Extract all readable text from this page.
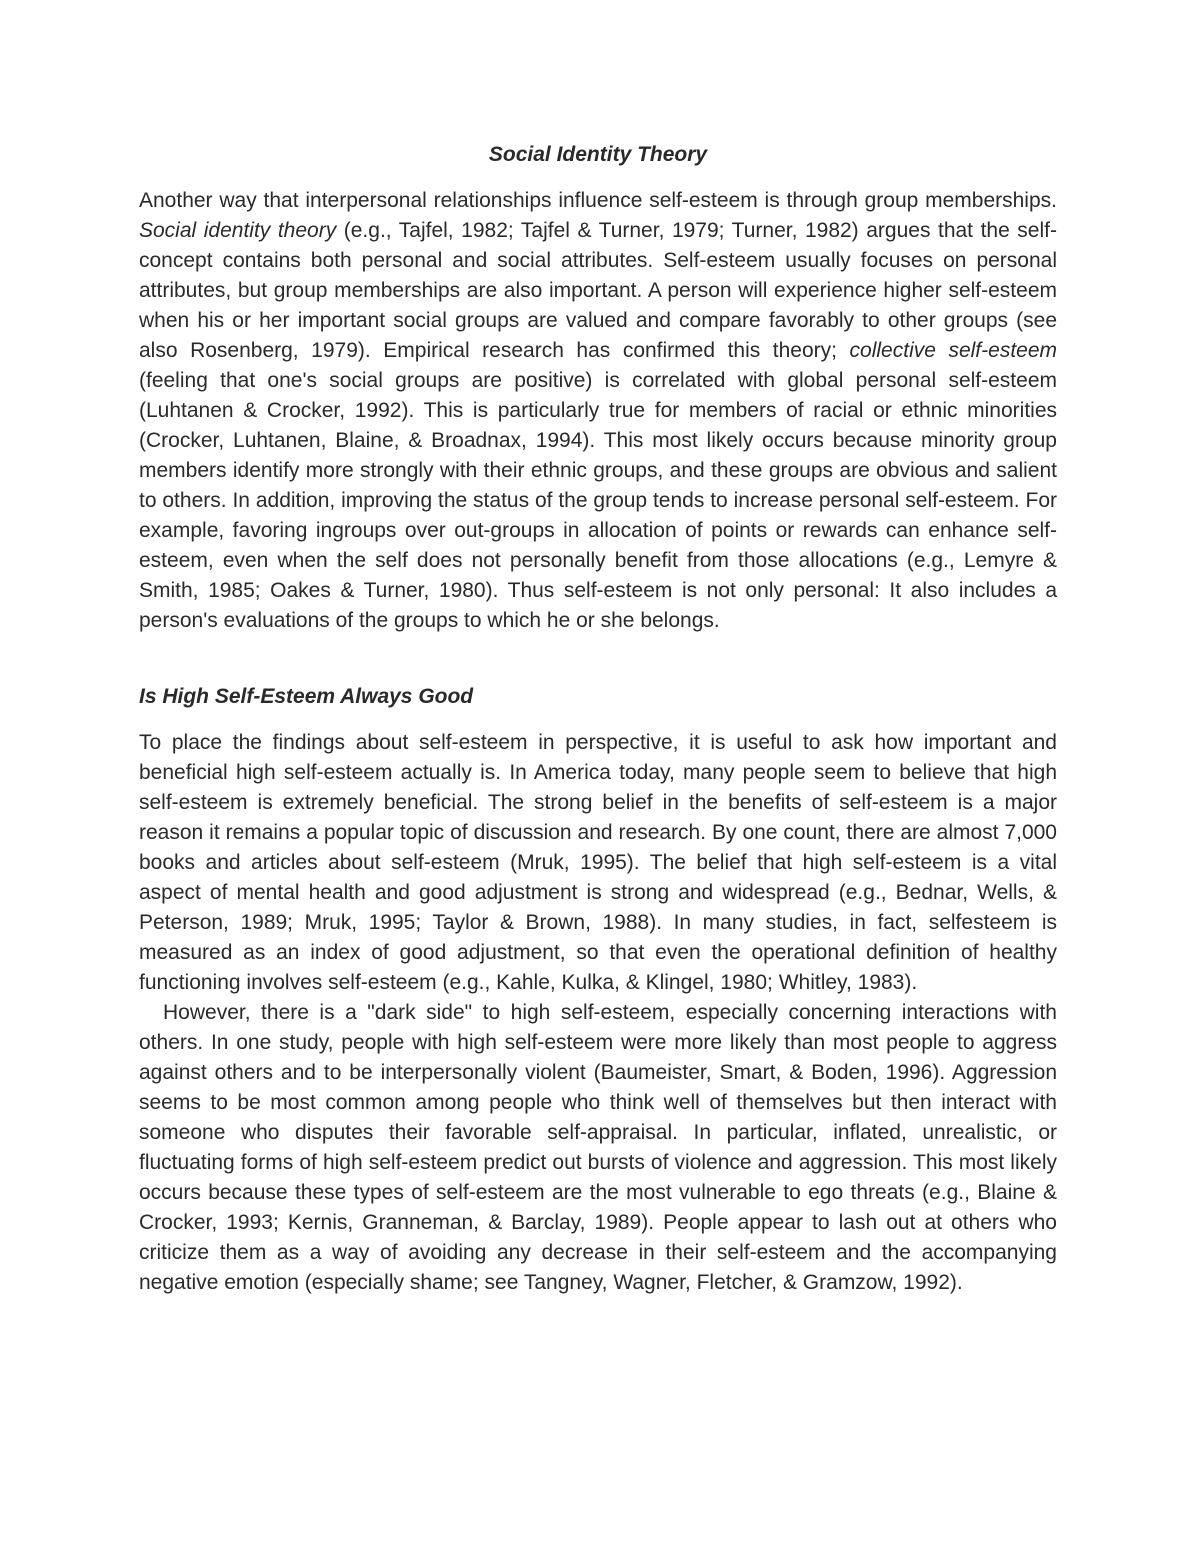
Social Identity Theory

Another way that interpersonal relationships influence self-esteem is through group memberships. Social identity theory (e.g., Tajfel, 1982; Tajfel & Turner, 1979; Turner, 1982) argues that the self-concept contains both personal and social attributes. Self-esteem usually focuses on personal attributes, but group memberships are also important. A person will experience higher self-esteem when his or her important social groups are valued and compare favorably to other groups (see also Rosenberg, 1979). Empirical research has confirmed this theory; collective self-esteem (feeling that one's social groups are positive) is correlated with global personal self-esteem (Luhtanen & Crocker, 1992). This is particularly true for members of racial or ethnic minorities (Crocker, Luhtanen, Blaine, & Broadnax, 1994). This most likely occurs because minority group members identify more strongly with their ethnic groups, and these groups are obvious and salient to others. In addition, improving the status of the group tends to increase personal self-esteem. For example, favoring ingroups over out-groups in allocation of points or rewards can enhance self-esteem, even when the self does not personally benefit from those allocations (e.g., Lemyre & Smith, 1985; Oakes & Turner, 1980). Thus self-esteem is not only personal: It also includes a person's evaluations of the groups to which he or she belongs.

Is High Self-Esteem Always Good

To place the findings about self-esteem in perspective, it is useful to ask how important and beneficial high self-esteem actually is. In America today, many people seem to believe that high self-esteem is extremely beneficial. The strong belief in the benefits of self-esteem is a major reason it remains a popular topic of discussion and research. By one count, there are almost 7,000 books and articles about self-esteem (Mruk, 1995). The belief that high self-esteem is a vital aspect of mental health and good adjustment is strong and widespread (e.g., Bednar, Wells, & Peterson, 1989; Mruk, 1995; Taylor & Brown, 1988). In many studies, in fact, selfesteem is measured as an index of good adjustment, so that even the operational definition of healthy functioning involves self-esteem (e.g., Kahle, Kulka, & Klingel, 1980; Whitley, 1983).

However, there is a "dark side" to high self-esteem, especially concerning interactions with others. In one study, people with high self-esteem were more likely than most people to aggress against others and to be interpersonally violent (Baumeister, Smart, & Boden, 1996). Aggression seems to be most common among people who think well of themselves but then interact with someone who disputes their favorable self-appraisal. In particular, inflated, unrealistic, or fluctuating forms of high self-esteem predict out bursts of violence and aggression. This most likely occurs because these types of self-esteem are the most vulnerable to ego threats (e.g., Blaine & Crocker, 1993; Kernis, Granneman, & Barclay, 1989). People appear to lash out at others who criticize them as a way of avoiding any decrease in their self-esteem and the accompanying negative emotion (especially shame; see Tangney, Wagner, Fletcher, & Gramzow, 1992).
